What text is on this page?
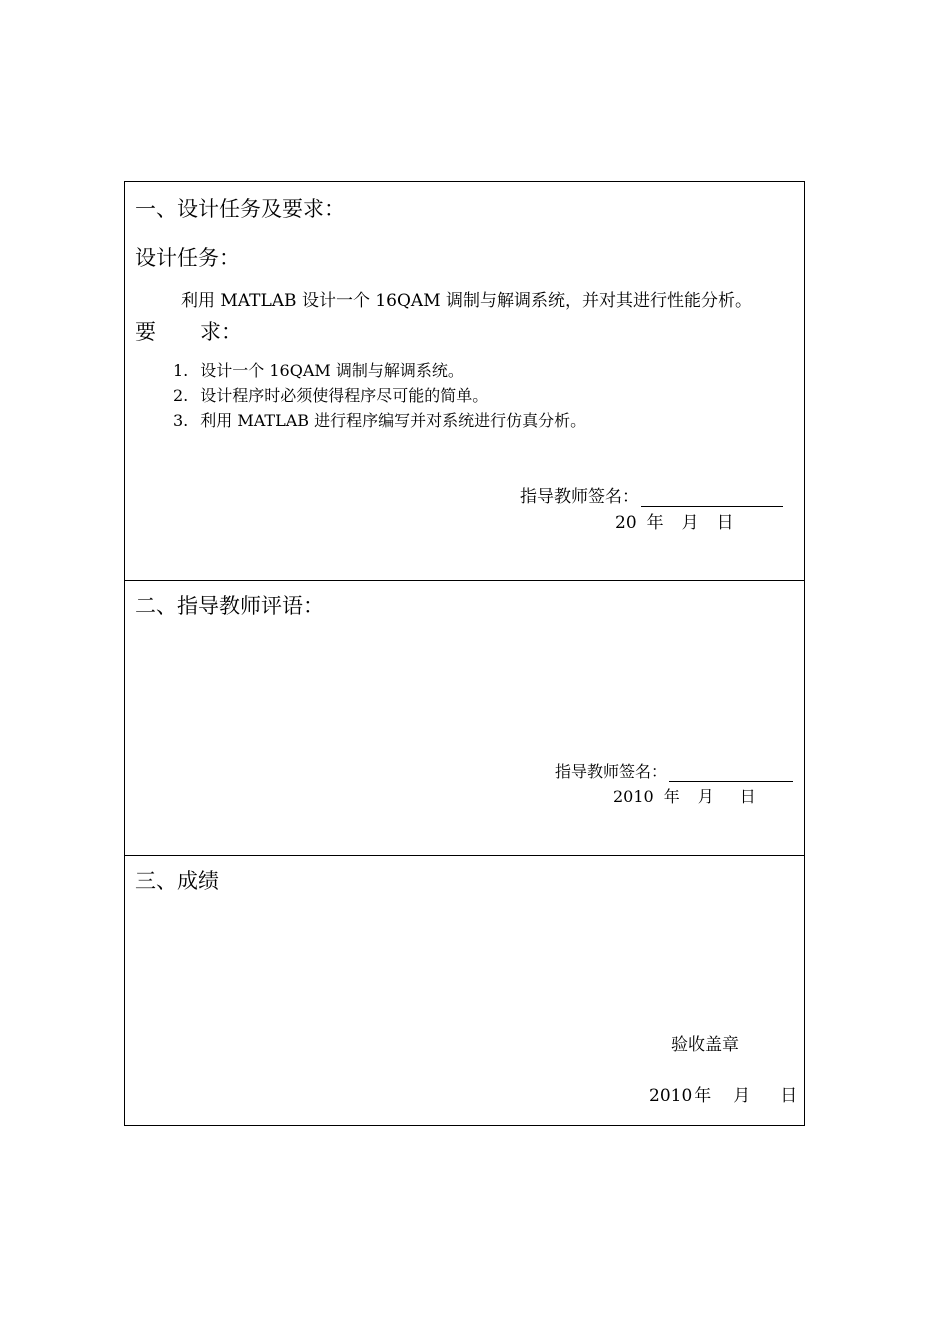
一、设计任务及要求：
设计任务：
利用 MATLAB 设计一个 16QAM 调制与解调系统，并对其进行性能分析。
要 求：
1. 设计一个 16QAM 调制与解调系统。
2. 设计程序时必须使得程序尽可能的简单。
3. 利用 MATLAB 进行程序编写并对系统进行仿真分析。
指导教师签名：
20 年 月 日
二、指导教师评语：
指导教师签名：
2010 年 月 日
三、成绩
验收盖章
2010 年 月 日
